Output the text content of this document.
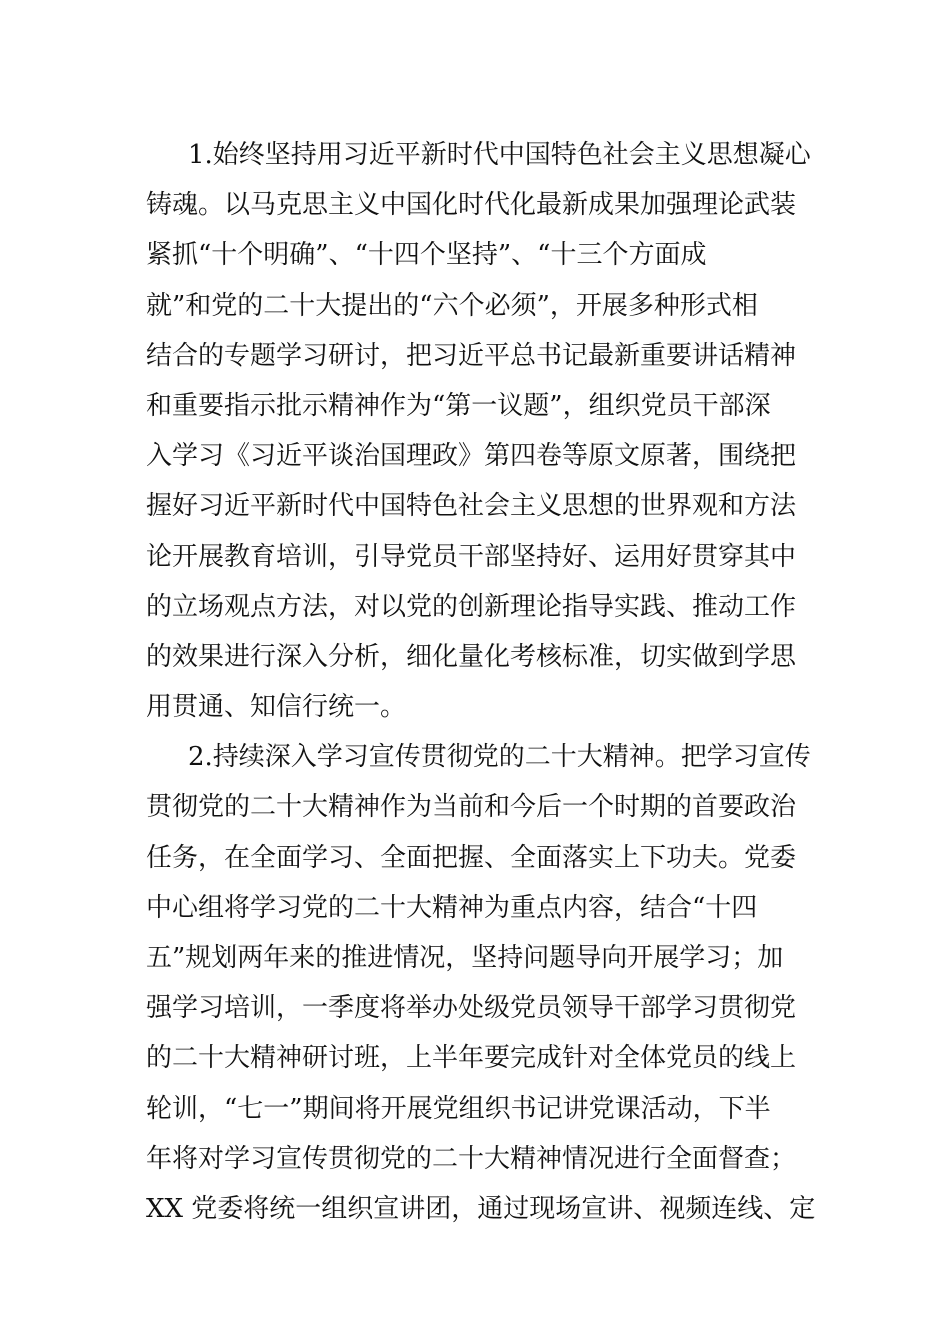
1.始终坚持用习近平新时代中国特色社会主义思想凝心
铸魂。以马克思主义中国化时代化最新成果加强理论武装
紧抓“十个明确”、“十四个坚持”、“十三个方面成
就”和党的二十大提出的“六个必须”，开展多种形式相
结合的专题学习研讨，把习近平总书记最新重要讲话精神
和重要指示批示精神作为“第一议题”，组织党员干部深
入学习《习近平谈治国理政》第四卷等原文原著，围绕把
握好习近平新时代中国特色社会主义思想的世界观和方法
论开展教育培训，引导党员干部坚持好、运用好贯穿其中
的立场观点方法，对以党的创新理论指导实践、推动工作
的效果进行深入分析，细化量化考核标准，切实做到学思
用贯通、知信行统一。
2.持续深入学习宣传贯彻党的二十大精神。把学习宣传
贯彻党的二十大精神作为当前和今后一个时期的首要政治
任务，在全面学习、全面把握、全面落实上下功夫。党委
中心组将学习党的二十大精神为重点内容，结合“十四
五”规划两年来的推进情况，坚持问题导向开展学习；加
强学习培训，一季度将举办处级党员领导干部学习贯彻党
的二十大精神研讨班，上半年要完成针对全体党员的线上
轮训，“七一”期间将开展党组织书记讲党课活动，下半
年将对学习宣传贯彻党的二十大精神情况进行全面督查；
XX 党委将统一组织宣讲团，通过现场宣讲、视频连线、定
